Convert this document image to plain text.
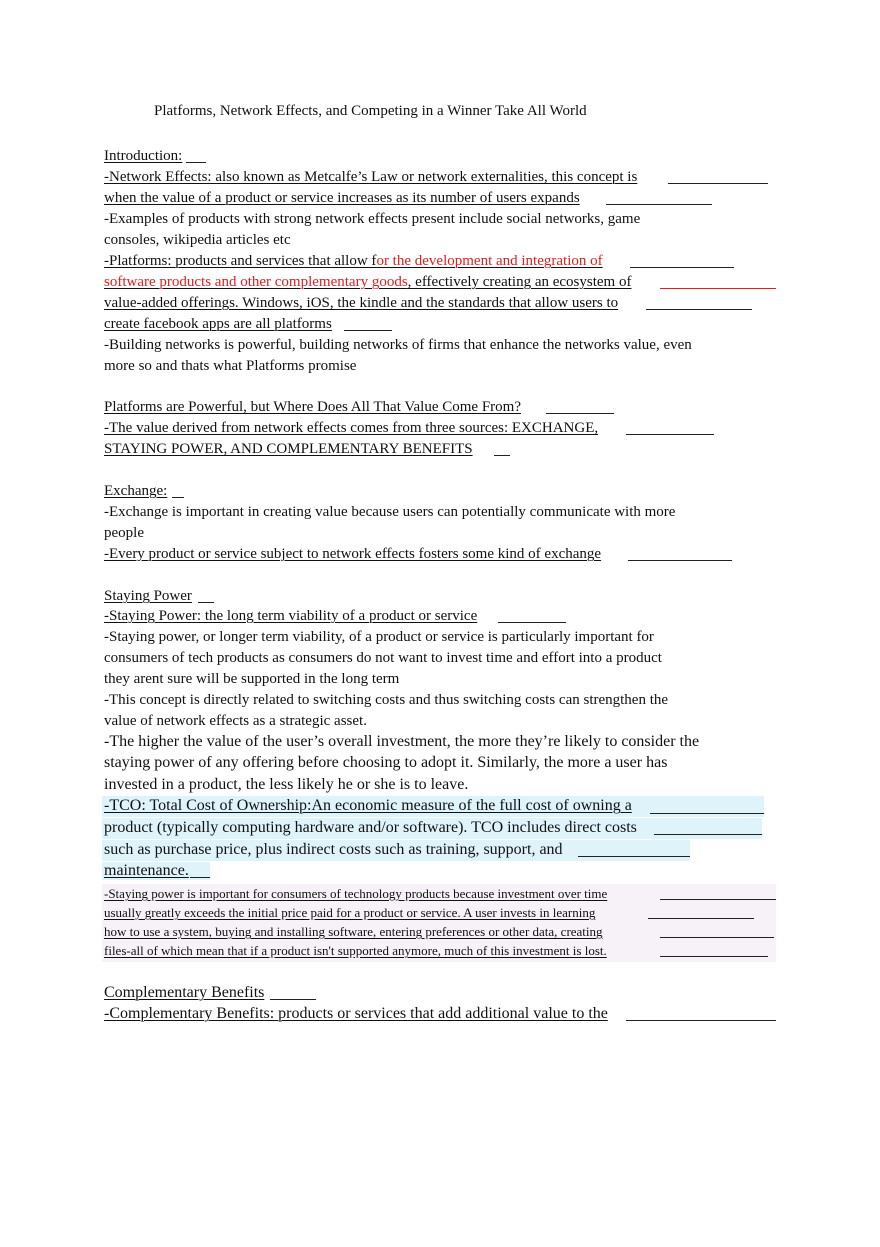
Platforms, Network Effects, and Competing in a Winner Take All World
Introduction:
-Network Effects: also known as Metcalfe’s Law or network externalities, this concept is
when the value of a product or service increases as its number of users expands
-Examples of products with strong network effects present include social networks, game
consoles, wikipedia articles etc
-Platforms: products and services that allow for the development and integration of
software products and other complementary goods, effectively creating an ecosystem of
value-added offerings. Windows, iOS, the kindle and the standards that allow users to
create facebook apps are all platforms
-Building networks is powerful, building networks of firms that enhance the networks value, even
more so and thats what Platforms promise
Platforms are Powerful, but Where Does All That Value Come From?
-The value derived from network effects comes from three sources: EXCHANGE,
STAYING POWER, AND COMPLEMENTARY BENEFITS
Exchange:
-Exchange is important in creating value because users can potentially communicate with more
people
-Every product or service subject to network effects fosters some kind of exchange
Staying Power
-Staying Power: the long term viability of a product or service
-Staying power, or longer term viability, of a product or service is particularly important for
consumers of tech products as consumers do not want to invest time and effort into a product
they arent sure will be supported in the long term
-This concept is directly related to switching costs and thus switching costs can strengthen the
value of network effects as a strategic asset.
-The higher the value of the user’s overall investment, the more they’re likely to consider the
staying power of any offering before choosing to adopt it. Similarly, the more a user has
invested in a product, the less likely he or she is to leave.
-TCO: Total Cost of Ownership:An economic measure of the full cost of owning a
product (typically computing hardware and/or software). TCO includes direct costs
such as purchase price, plus indirect costs such as training, support, and
maintenance.
-Staying power is important for consumers of technology products because investment over time
usually greatly exceeds the initial price paid for a product or service. A user invests in learning
how to use a system, buying and installing software, entering preferences or other data, creating
files-all of which mean that if a product isn't supported anymore, much of this investment is lost.
Complementary Benefits
-Complementary Benefits: products or services that add additional value to the
